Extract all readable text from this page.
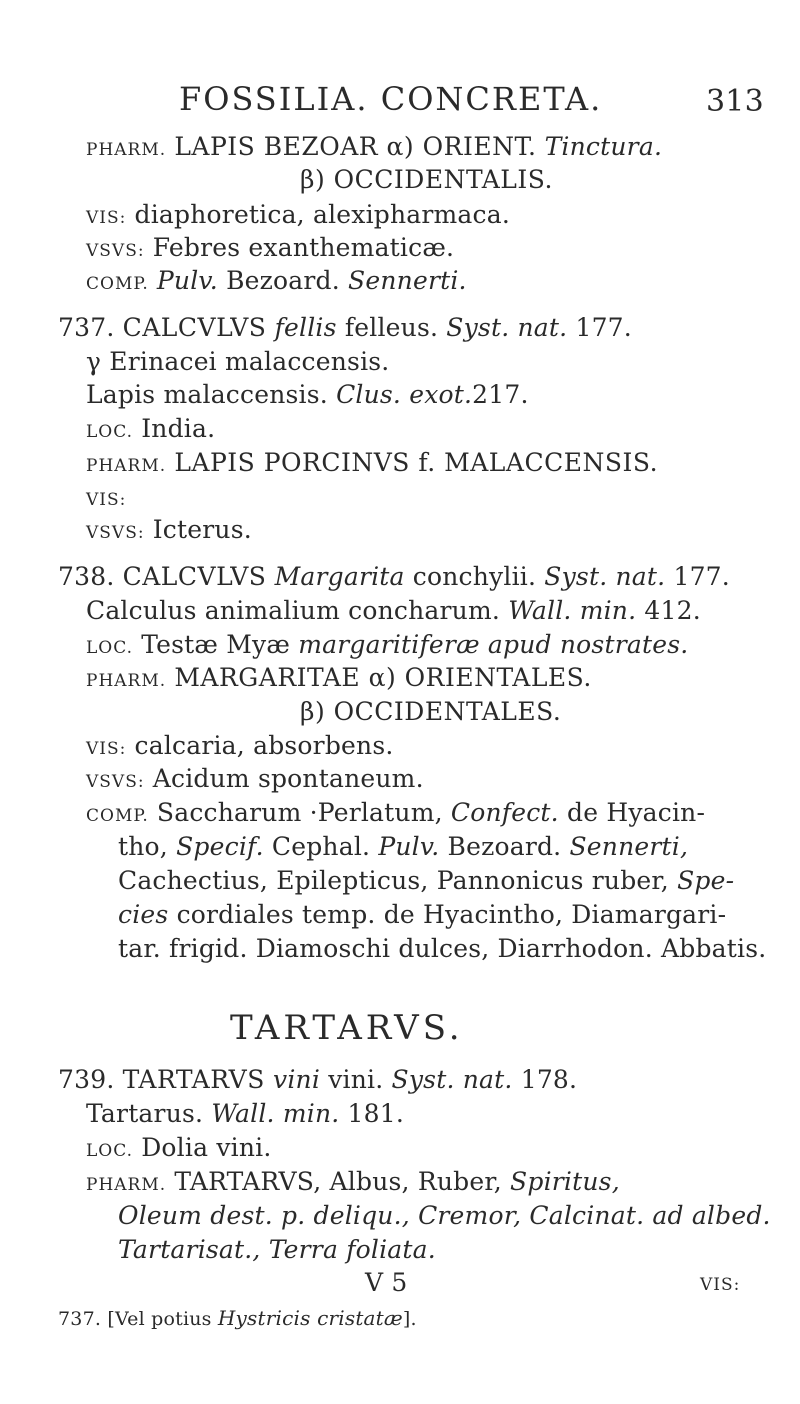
FOSSILIA. CONCRETA.	313
PHARM. LAPIS BEZOAR α) ORIENT. Tinctura.
β) OCCIDENTALIS.
VIS: diaphoretica, alexipharmaca.
VSVS: Febres exanthematicæ.
COMP. Pulv. Bezoard. Sennerti.
737. CALCVLVS fellis felleus. Syst. nat. 177.
γ Erinacei malaccensis.
Lapis malaccensis. Clus. exot.217.
LOC. India.
PHARM. LAPIS PORCINVS f. MALACCENSIS.
VIS:
VSVS: Icterus.
738. CALCVLVS Margarita conchylii. Syst. nat. 177.
Calculus animalium concharum. Wall. min. 412.
LOC. Testæ Myæ margaritiferæ apud nostrates.
PHARM. MARGARITAE α) ORIENTALES.
β) OCCIDENTALES.
VIS: calcaria, absorbens.
VSVS: Acidum spontaneum.
COMP. Saccharum ·Perlatum, Confect. de Hyacin-
tho, Specif. Cephal. Pulv. Bezoard. Sennerti,
Cachectius, Epilepticus, Pannonicus ruber, Spe-
cies cordiales temp. de Hyacintho, Diamargari-
tar. frigid. Diamoschi dulces, Diarrhodon. Abbatis.
TARTARVS.
739. TARTARVS vini vini. Syst. nat. 178.
Tartarus. Wall. min. 181.
LOC. Dolia vini.
PHARM. TARTARVS, Albus, Ruber, Spiritus,
Oleum dest. p. deliqu., Cremor, Calcinat. ad albed.
Tartarisat., Terra foliata.
V 5	VIS:
737. [Vel potius Hystricis cristatæ].
